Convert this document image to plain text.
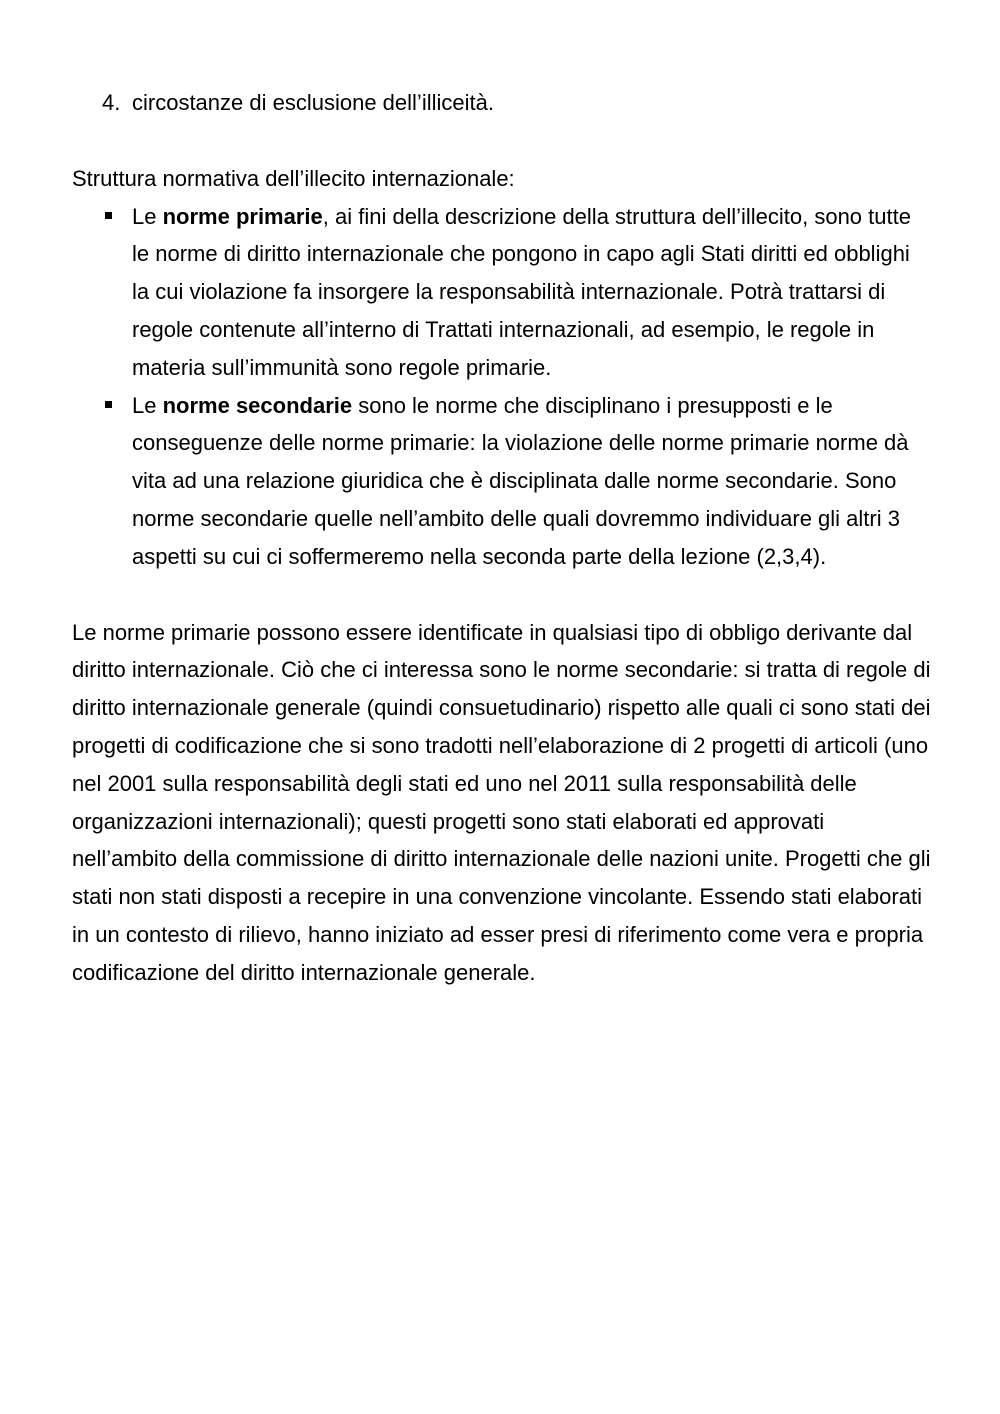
4. circostanze di esclusione dell’illiceità.

Struttura normativa dell’illecito internazionale:

Le norme primarie, ai fini della descrizione della struttura dell’illecito, sono tutte le norme di diritto internazionale che pongono in capo agli Stati diritti ed obblighi la cui violazione fa insorgere la responsabilità internazionale. Potrà trattarsi di regole contenute all’interno di Trattati internazionali, ad esempio, le regole in materia sull’immunità sono regole primarie.
Le norme secondarie sono le norme che disciplinano i presupposti e le conseguenze delle norme primarie: la violazione delle norme primarie norme dà vita ad una relazione giuridica che è disciplinata dalle norme secondarie. Sono norme secondarie quelle nell’ambito delle quali dovremmo individuare gli altri 3 aspetti su cui ci soffermeremo nella seconda parte della lezione (2,3,4).

Le norme primarie possono essere identificate in qualsiasi tipo di obbligo derivante dal diritto internazionale. Ciò che ci interessa sono le norme secondarie: si tratta di regole di diritto internazionale generale (quindi consuetudinario) rispetto alle quali ci sono stati dei progetti di codificazione che si sono tradotti nell’elaborazione di 2 progetti di articoli (uno nel 2001 sulla responsabilità degli stati ed uno nel 2011 sulla responsabilità delle organizzazioni internazionali); questi progetti sono stati elaborati ed approvati nell’ambito della commissione di diritto internazionale delle nazioni unite. Progetti che gli stati non stati disposti a recepire in una convenzione vincolante. Essendo stati elaborati in un contesto di rilievo, hanno iniziato ad esser presi di riferimento come vera e propria codificazione del diritto internazionale generale.
